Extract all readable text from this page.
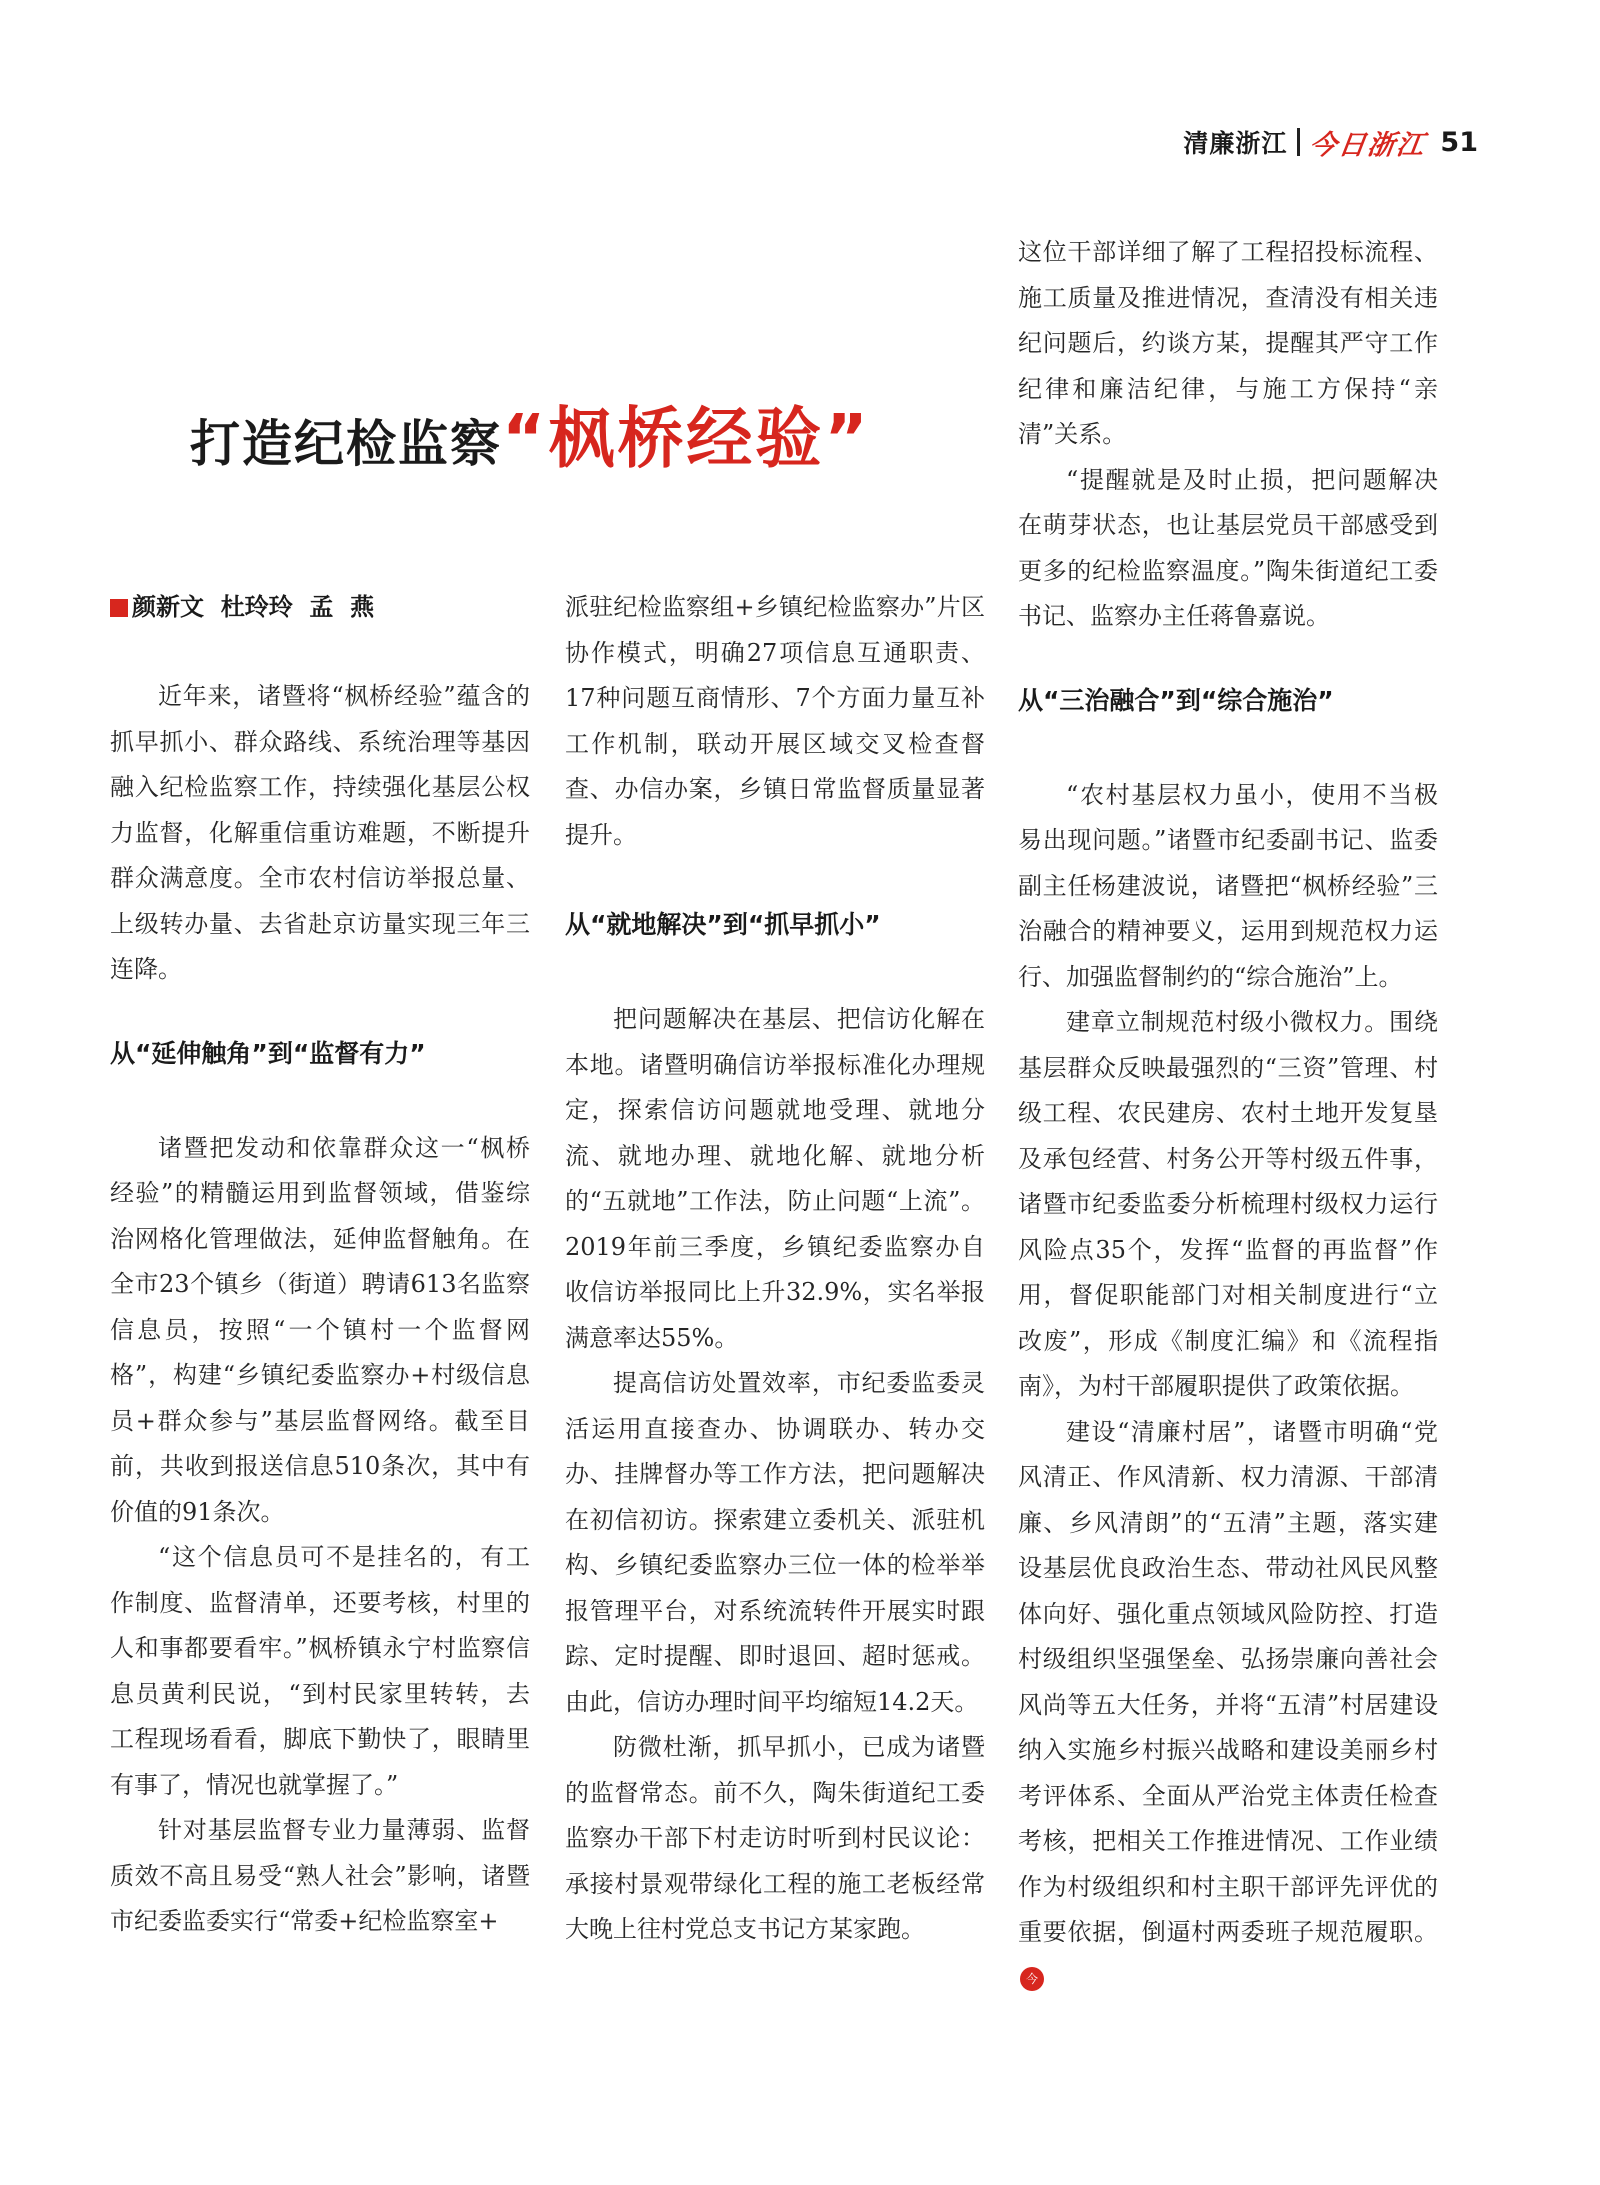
清廉浙江 今日浙江 51
打造纪检监察“枫桥经验”
颜新文  杜玲玲  孟  燕

近年来，诸暨将“枫桥经验”蕴含的抓早抓小、群众路线、系统治理等基因融入纪检监察工作，持续强化基层公权力监督，化解重信重访难题，不断提升群众满意度。全市农村信访举报总量、上级转办量、去省赴京访量实现三年三连降。

从“延伸触角”到“监督有力”

诸暨把发动和依靠群众这一“枫桥经验”的精髓运用到监督领域，借鉴综治网格化管理做法，延伸监督触角。在全市23个镇乡（街道）聘请613名监察信息员，按照“一个镇村一个监督网格”，构建“乡镇纪委监察办+村级信息员+群众参与”基层监督网络。截至目前，共收到报送信息510条次，其中有价值的91条次。

“这个信息员可不是挂名的，有工作制度、监督清单，还要考核，村里的人和事都要看牢。”枫桥镇永宁村监察信息员黄利民说，“到村民家里转转，去工程现场看看，脚底下勤快了，眼睛里有事了，情况也就掌握了。”

针对基层监督专业力量薄弱、监督质效不高且易受“熟人社会”影响，诸暨市纪委监委实行“常委+纪检监察室+

派驻纪检监察组+乡镇纪检监察办”片区协作模式，明确27项信息互通职责、17种问题互商情形、7个方面力量互补工作机制，联动开展区域交叉检查督查、办信办案，乡镇日常监督质量显著提升。

从“就地解决”到“抓早抓小”

把问题解决在基层、把信访化解在本地。诸暨明确信访举报标准化办理规定，探索信访问题就地受理、就地分流、就地办理、就地化解、就地分析的“五就地”工作法，防止问题“上流”。2019年前三季度，乡镇纪委监察办自收信访举报同比上升32.9%，实名举报满意率达55%。

提高信访处置效率，市纪委监委灵活运用直接查办、协调联办、转办交办、挂牌督办等工作方法，把问题解决在初信初访。探索建立委机关、派驻机构、乡镇纪委监察办三位一体的检举举报管理平台，对系统流转件开展实时跟踪、定时提醒、即时退回、超时惩戒。由此，信访办理时间平均缩短14.2天。

防微杜渐，抓早抓小，已成为诸暨的监督常态。前不久，陶朱街道纪工委监察办干部下村走访时听到村民议论：承接村景观带绿化工程的施工老板经常大晚上往村党总支书记方某家跑。

这位干部详细了解了工程招投标流程、施工质量及推进情况，查清没有相关违纪问题后，约谈方某，提醒其严守工作纪律和廉洁纪律，与施工方保持“亲清”关系。

“提醒就是及时止损，把问题解决在萌芽状态，也让基层党员干部感受到更多的纪检监察温度。”陶朱街道纪工委书记、监察办主任蒋鲁嘉说。

从“三治融合”到“综合施治”

“农村基层权力虽小，使用不当极易出现问题。”诸暨市纪委副书记、监委副主任杨建波说，诸暨把“枫桥经验”三治融合的精神要义，运用到规范权力运行、加强监督制约的“综合施治”上。

建章立制规范村级小微权力。围绕基层群众反映最强烈的“三资”管理、村级工程、农民建房、农村土地开发复垦及承包经营、村务公开等村级五件事，诸暨市纪委监委分析梳理村级权力运行风险点35个，发挥“监督的再监督”作用，督促职能部门对相关制度进行“立改废”，形成《制度汇编》和《流程指南》，为村干部履职提供了政策依据。

建设“清廉村居”，诸暨市明确“党风清正、作风清新、权力清源、干部清廉、乡风清朗”的“五清”主题，落实建设基层优良政治生态、带动社风民风整体向好、强化重点领域风险防控、打造村级组织坚强堡垒、弘扬崇廉向善社会风尚等五大任务，并将“五清”村居建设纳入实施乡村振兴战略和建设美丽乡村考评体系、全面从严治党主体责任检查考核，把相关工作推进情况、工作业绩作为村级组织和村主职干部评先评优的重要依据，倒逼村两委班子规范履职。今
